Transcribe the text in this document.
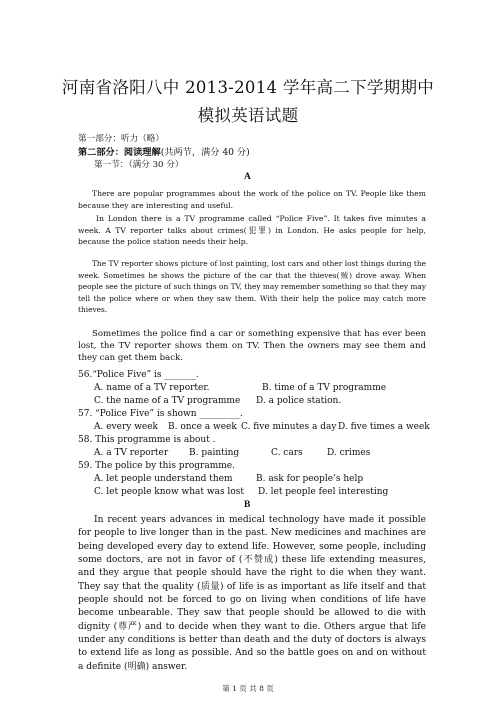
河南省洛阳八中 2013-2014 学年高二下学期期中模拟英语试题
第一部分：听力（略）
第二部分：阅读理解(共两节，满分 40 分)
第一节：（满分 30 分）
A
There are popular programmes about the work of the police on TV. People like them because they are interesting and useful.
In London there is a TV programme called “Police Five”. It takes five minutes a week. A TV reporter talks about crimes(犯罪) in London. He asks people for help, because the police station needs their help.
The TV reporter shows picture of lost painting, lost cars and other lost things during the week. Sometimes he shows the picture of the car that the thieves(贼) drove away. When people see the picture of such things on TV, they may remember something so that they may tell the police where or when they saw them. With their help the police may catch more thieves.
Sometimes the police find a car or something expensive that has ever been lost, the TV reporter shows them on TV. Then the owners may see them and they can get them back.
56.“Police Five” is _______.
A. name of a TV reporter.	B. time of a TV programme
C. the name of a TV programme D. a police station.
57. “Police Five” is shown _________.
A. every week B. once a week C. five minutes a day D. five times a week
58. This programme is about .
A. a TV reporter B. painting	C. cars	D. crimes
59. The police by this programme.
A. let people understand them	B. ask for people’s help
C. let people know what was lost D. let people feel interesting
B
In recent years advances in medical technology have made it possible for people to live longer than in the past. New medicines and machines are being developed every day to extend life. However, some people, including some doctors, are not in favor of (不赞成) these life extending measures, and they argue that people should have the right to die when they want. They say that the quality (质量) of life is as important as life itself and that people should not be forced to go on living when conditions of life have become unbearable. They saw that people should be allowed to die with dignity (尊严) and to decide when they want to die. Others argue that life under any conditions is better than death and the duty of doctors is always to extend life as long as possible. And so the battle goes on and on without a definite (明确) answer.
第 1 页 共 8 页
